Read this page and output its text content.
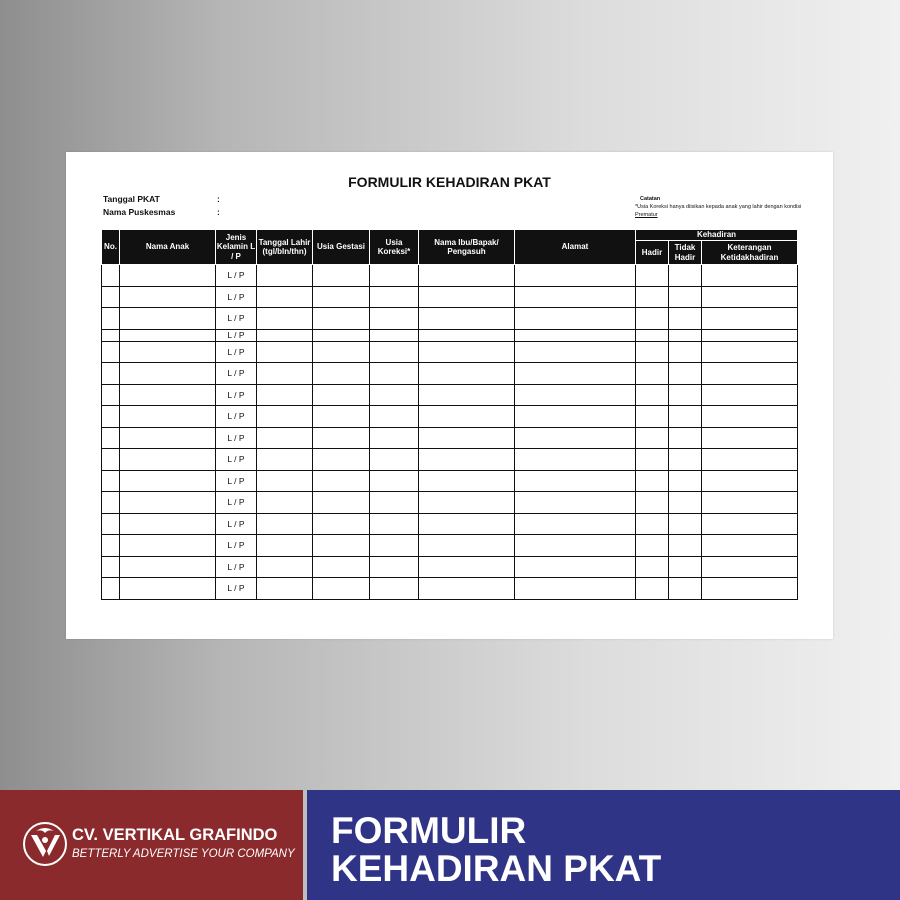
FORMULIR KEHADIRAN PKAT
Tanggal PKAT	:
Nama Puskesmas	:
Catatan
*Usia Koreksi hanya diisikan kepada anak yang lahir dengan kondisi Prematur
No.	Nama Anak	Jenis Kelamin L / P	Tanggal Lahir (tgl/bln/thn)	Usia Gestasi	Usia Koreksi*	Nama Ibu/Bapak/ Pengasuh	Alamat	Kehadiran		
								Hadir	Tidak Hadir	Keterangan Ketidakhadiran
		L / P								
		L / P								
		L / P								
		L / P								
		L / P								
		L / P								
		L / P								
		L / P								
		L / P								
		L / P								
		L / P								
		L / P								
		L / P								
		L / P								
		L / P								
		L / P								
CV. VERTIKAL GRAFINDO
BETTERLY ADVERTISE YOUR COMPANY
FORMULIR KEHADIRAN PKAT
